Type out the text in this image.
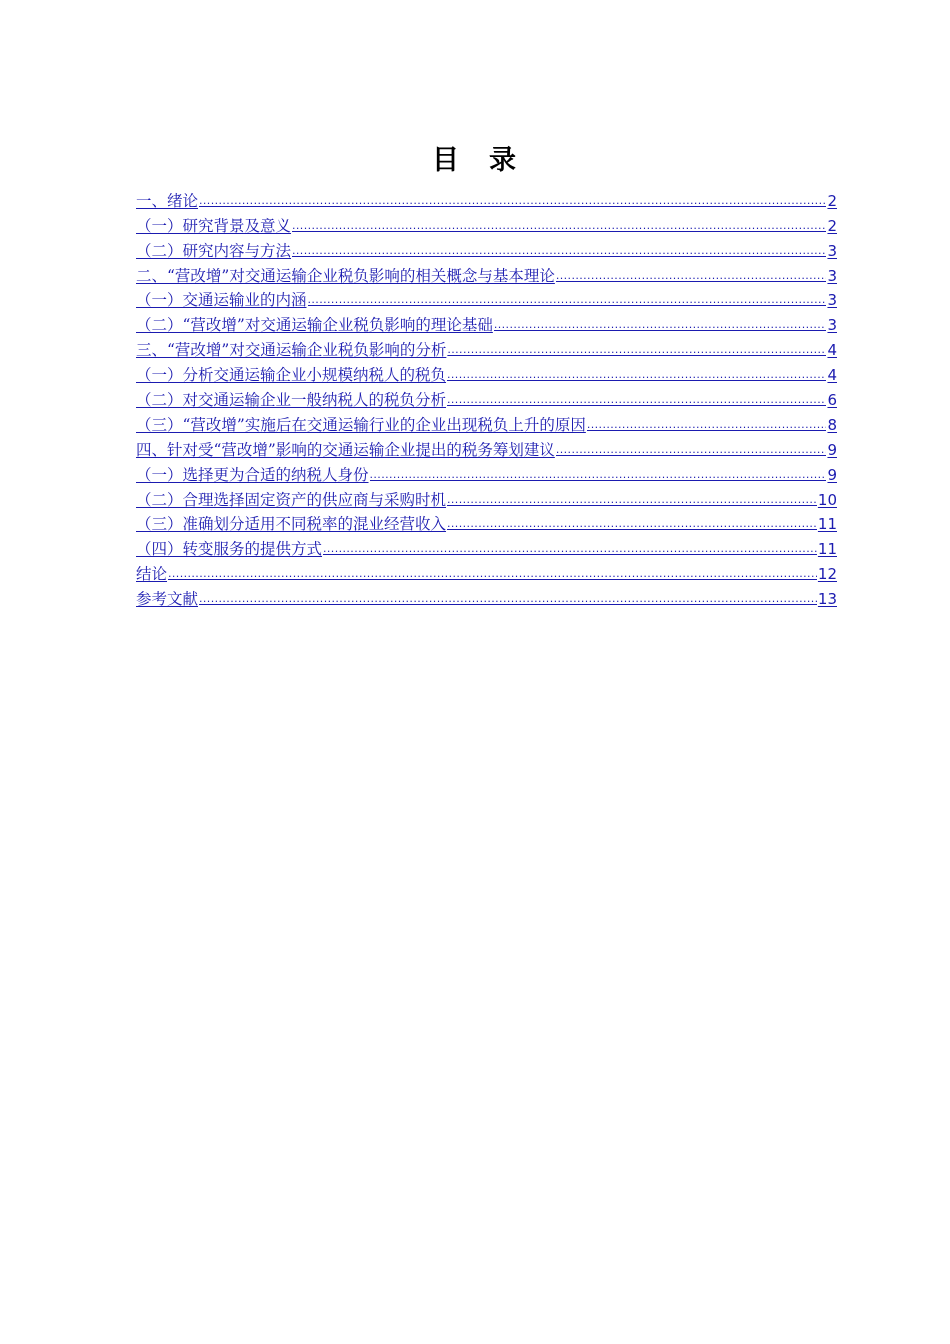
目 录
一、绪论 .....	2
（一）研究背景及意义 .....	2
（二）研究内容与方法 .....	3
二、“营改增”对交通运输企业税负影响的相关概念与基本理论 .....	3
（一）交通运输业的内涵 .....	3
（二）“营改增”对交通运输企业税负影响的理论基础 .....	3
三、“营改增”对交通运输企业税负影响的分析 .....	4
（一）分析交通运输企业小规模纳税人的税负 .....	4
（二）对交通运输企业一般纳税人的税负分析 .....	6
（三）“营改增”实施后在交通运输行业的企业出现税负上升的原因 .....	8
四、针对受“营改增”影响的交通运输企业提出的税务筹划建议 .....	9
（一）选择更为合适的纳税人身份 .....	9
（二）合理选择固定资产的供应商与采购时机 .....	10
（三）准确划分适用不同税率的混业经营收入 .....	11
（四）转变服务的提供方式 .....	11
结论 .....	12
参考文献 .....	13
